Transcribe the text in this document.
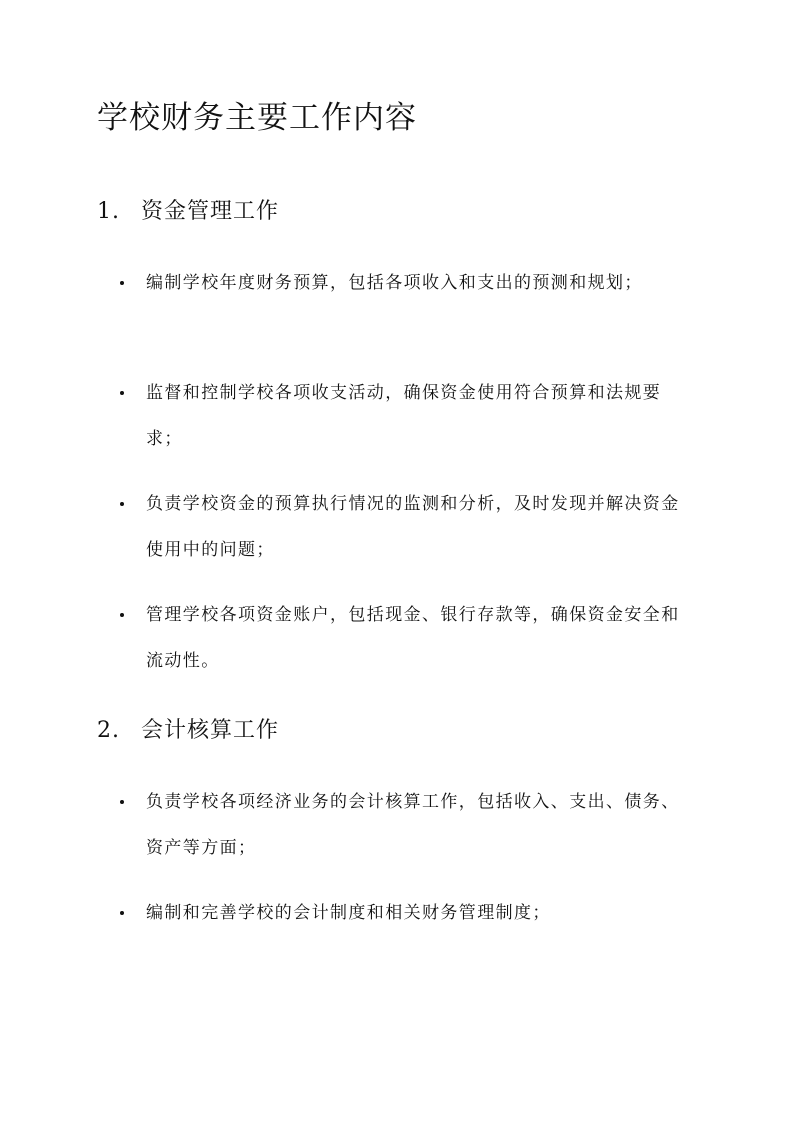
学校财务主要工作内容
1. 资金管理工作
编制学校年度财务预算，包括各项收入和支出的预测和规划；
监督和控制学校各项收支活动，确保资金使用符合预算和法规要求；
负责学校资金的预算执行情况的监测和分析，及时发现并解决资金使用中的问题；
管理学校各项资金账户，包括现金、银行存款等，确保资金安全和流动性。
2. 会计核算工作
负责学校各项经济业务的会计核算工作，包括收入、支出、债务、资产等方面；
编制和完善学校的会计制度和相关财务管理制度；
